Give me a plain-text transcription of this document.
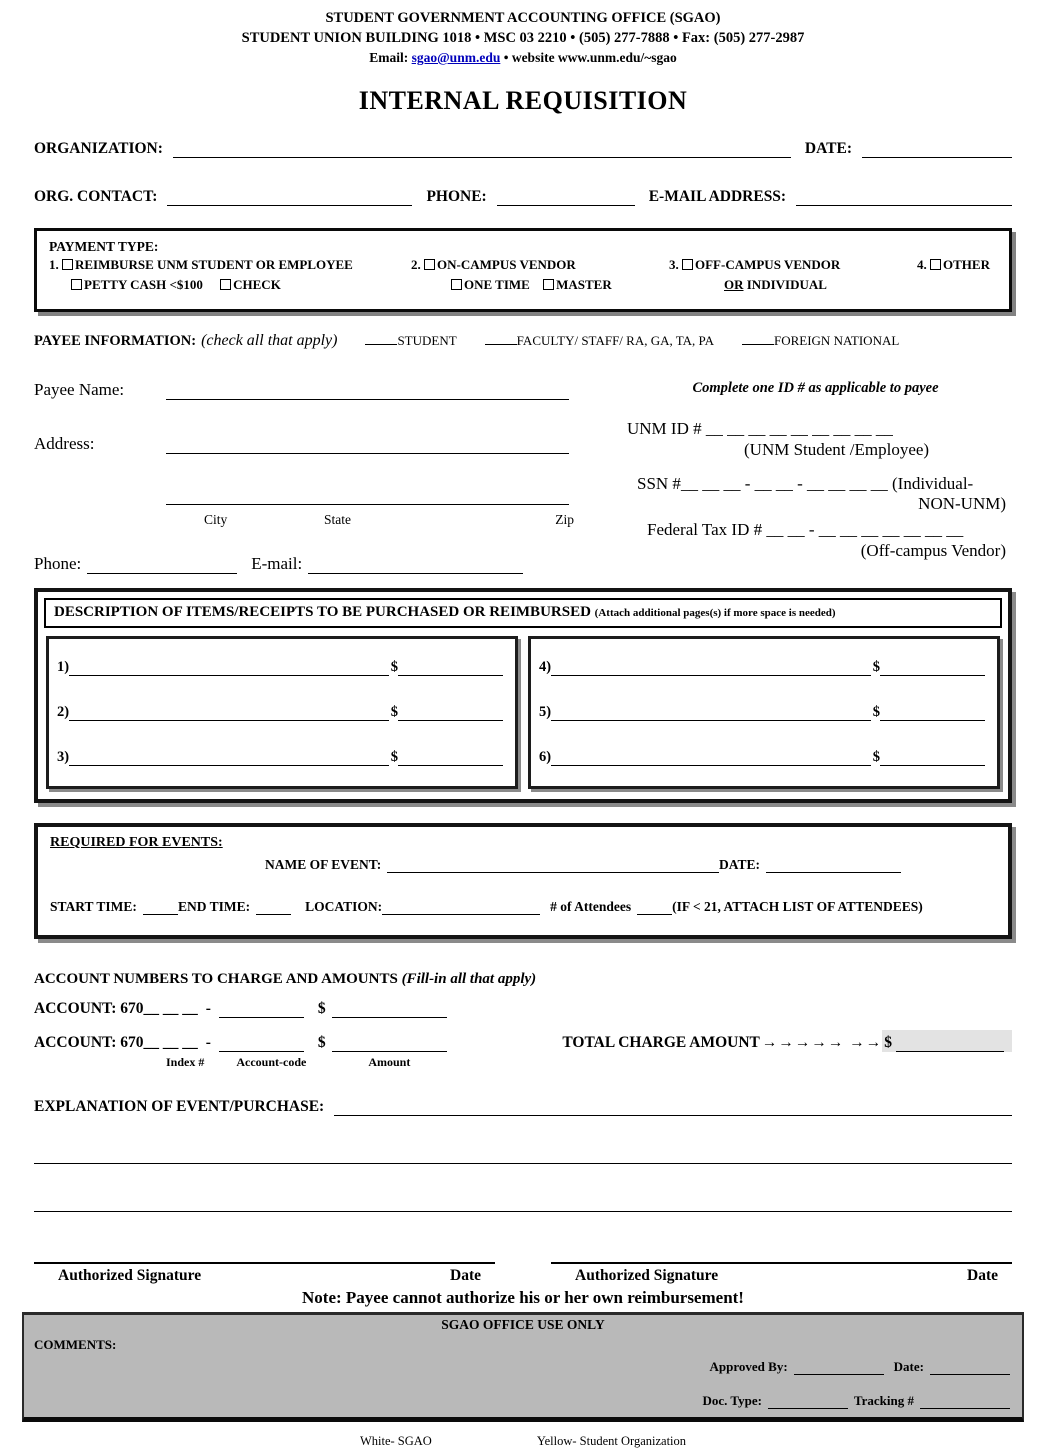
STUDENT GOVERNMENT ACCOUNTING OFFICE (SGAO)
STUDENT UNION BUILDING 1018 • MSC 03 2210 • (505) 277-7888 • Fax: (505) 277-2987
Email: sgao@unm.edu • website www.unm.edu/~sgao
INTERNAL REQUISITION
ORGANIZATION:	DATE:
ORG. CONTACT:	PHONE:	E-MAIL ADDRESS:
PAYMENT TYPE:
1. REIMBURSE UNM STUDENT OR EMPLOYEE
PETTY CASH <$100 CHECK
2. ON-CAMPUS VENDOR
ONE TIME MASTER
3. OFF-CAMPUS VENDOR
OR INDIVIDUAL
4. OTHER
PAYEE INFORMATION: (check all that apply)	STUDENT	FACULTY/ STAFF/ RA, GA, TA, PA	FOREIGN NATIONAL
Payee Name:
Address:
City	State	Zip
Phone:	E-mail:
Complete one ID # as applicable to payee
UNM ID # __ __ __ __ __ __ __ __ __
(UNM Student /Employee)
SSN #__ __ __ - __ __ - __ __ __ __ (Individual-
NON-UNM)
Federal Tax ID # __ __ - __ __ __ __ __ __ __
(Off-campus Vendor)
DESCRIPTION OF ITEMS/RECEIPTS TO BE PURCHASED OR REIMBURSED (Attach additional pages(s) if more space is needed)
1)	$
2)	$
3)	$
4)	$
5)	$
6)	$
REQUIRED FOR EVENTS:
NAME OF EVENT:	DATE:
START TIME:	END TIME:	LOCATION:	# of Attendees	(IF < 21, ATTACH LIST OF ATTENDEES)
ACCOUNT NUMBERS TO CHARGE AND AMOUNTS (Fill-in all that apply)
ACCOUNT: 670 __ __ __ -	$
ACCOUNT: 670 __ __ __ -	$	TOTAL CHARGE AMOUNT →→→→→ →→ $
Index #	Account-code	Amount
EXPLANATION OF EVENT/PURCHASE:
Authorized Signature	Date	Authorized Signature	Date
Note: Payee cannot authorize his or her own reimbursement!
SGAO OFFICE USE ONLY
COMMENTS:
Approved By:	Date:
Doc. Type:	Tracking #
White- SGAO	Yellow- Student Organization
